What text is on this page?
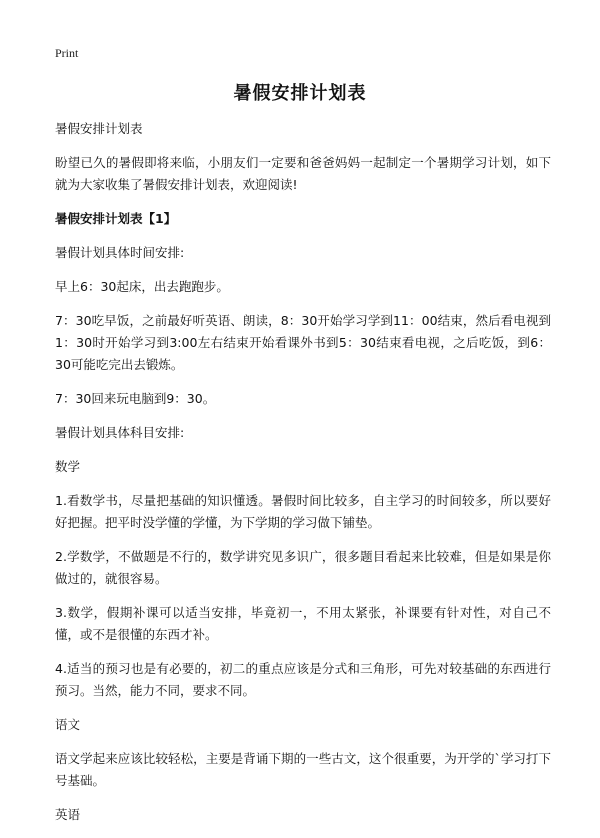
Print
暑假安排计划表

暑假安排计划表

盼望已久的暑假即将来临，小朋友们一定要和爸爸妈妈一起制定一个暑期学习计划，如下就为大家收集了暑假安排计划表，欢迎阅读!

暑假安排计划表【1】

暑假计划具体时间安排:

早上6：30起床，出去跑跑步。

7：30吃早饭，之前最好听英语、朗读，8：30开始学习学到11：00结束，然后看电视到1：30时开始学习到3:00左右结束开始看课外书到5：30结束看电视，之后吃饭，到6：30可能吃完出去锻炼。

7：30回来玩电脑到9：30。

暑假计划具体科目安排:

数学

1.看数学书，尽量把基础的知识懂透。暑假时间比较多，自主学习的时间较多，所以要好好把握。把平时没学懂的学懂，为下学期的学习做下铺垫。

2.学数学，不做题是不行的，数学讲究见多识广，很多题目看起来比较难，但是如果是你做过的，就很容易。

3.数学，假期补课可以适当安排，毕竟初一，不用太紧张，补课要有针对性，对自己不懂，或不是很懂的东西才补。

4.适当的预习也是有必要的，初二的重点应该是分式和三角形，可先对较基础的东西进行预习。当然，能力不同，要求不同。

语文

语文学起来应该比较轻松，主要是背诵下期的一些古文，这个很重要，为开学的`学习打下号基础。

英语
